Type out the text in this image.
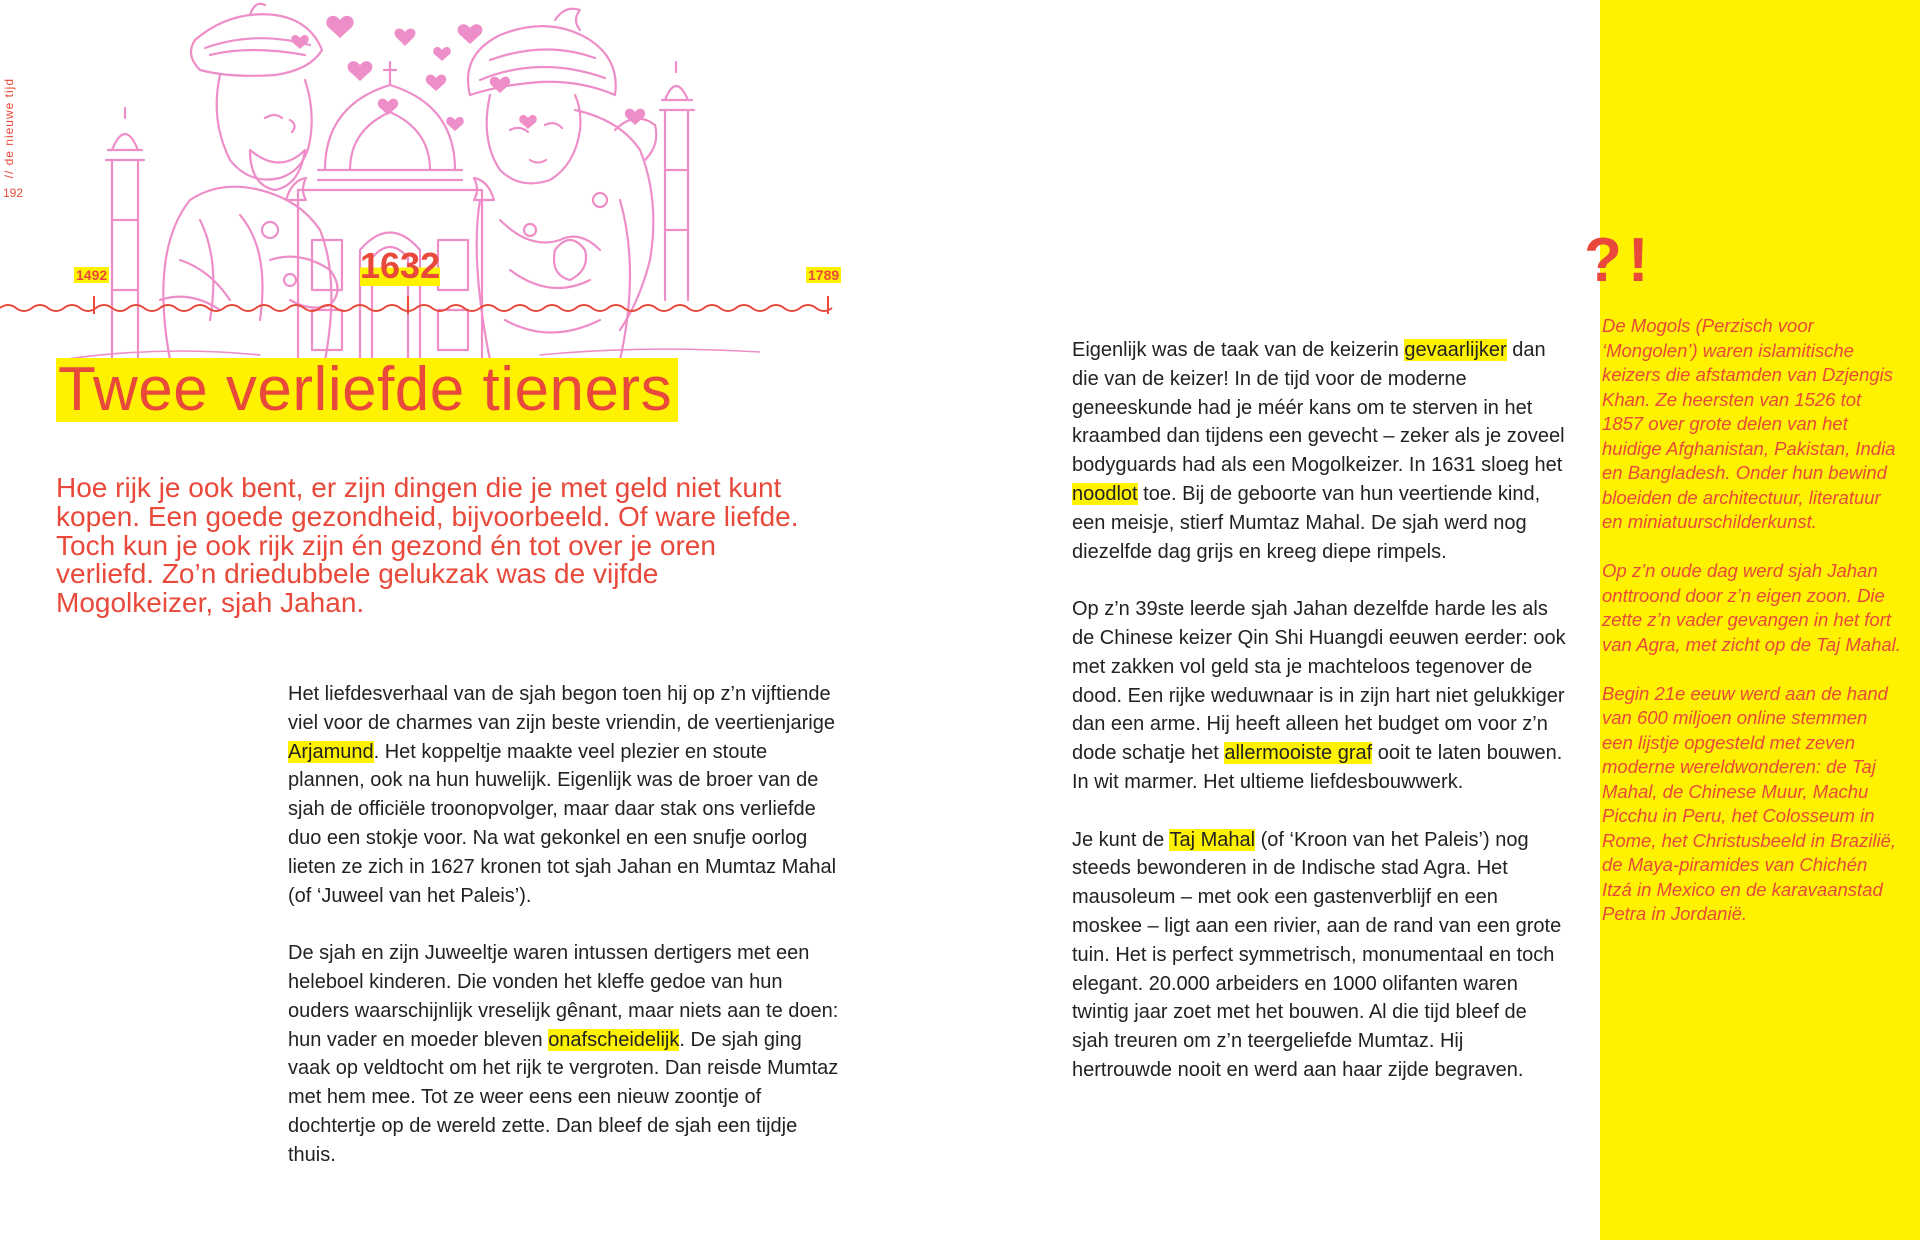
// de nieuwe tijd
192
1492	1632	1789
Twee verliefde tieners

Hoe rijk je ook bent, er zijn dingen die je met geld niet kunt kopen. Een goede gezondheid, bijvoorbeeld. Of ware liefde. Toch kun je ook rijk zijn én gezond én tot over je oren verliefd. Zo’n driedubbele gelukzak was de vijfde Mogolkeizer, sjah Jahan.

Het liefdesverhaal van de sjah begon toen hij op z’n vijftiende viel voor de charmes van zijn beste vriendin, de veertienjarige Arjamund. Het koppeltje maakte veel plezier en stoute plannen, ook na hun huwelijk. Eigenlijk was de broer van de sjah de officiële troonopvolger, maar daar stak ons verliefde duo een stokje voor. Na wat gekonkel en een snufje oorlog lieten ze zich in 1627 kronen tot sjah Jahan en Mumtaz Mahal (of ‘Juweel van het Paleis’).

De sjah en zijn Juweeltje waren intussen dertigers met een heleboel kinderen. Die vonden het kleffe gedoe van hun ouders waarschijnlijk vreselijk gênant, maar niets aan te doen: hun vader en moeder bleven onafscheidelijk. De sjah ging vaak op veldtocht om het rijk te vergroten. Dan reisde Mumtaz met hem mee. Tot ze weer eens een nieuw zoontje of dochtertje op de wereld zette. Dan bleef de sjah een tijdje thuis.

Eigenlijk was de taak van de keizerin gevaarlijker dan die van de keizer! In de tijd voor de moderne geneeskunde had je méér kans om te sterven in het kraambed dan tijdens een gevecht – zeker als je zoveel bodyguards had als een Mogolkeizer. In 1631 sloeg het noodlot toe. Bij de geboorte van hun veertiende kind, een meisje, stierf Mumtaz Mahal. De sjah werd nog diezelfde dag grijs en kreeg diepe rimpels.

Op z’n 39ste leerde sjah Jahan dezelfde harde les als de Chinese keizer Qin Shi Huangdi eeuwen eerder: ook met zakken vol geld sta je machteloos tegenover de dood. Een rijke weduwnaar is in zijn hart niet gelukkiger dan een arme. Hij heeft alleen het budget om voor z’n dode schatje het allermooiste graf ooit te laten bouwen. In wit marmer. Het ultieme liefdesbouwwerk.

Je kunt de Taj Mahal (of ‘Kroon van het Paleis’) nog steeds bewonderen in de Indische stad Agra. Het mausoleum – met ook een gastenverblijf en een moskee – ligt aan een rivier, aan de rand van een grote tuin. Het is perfect symmetrisch, monumentaal en toch elegant. 20.000 arbeiders en 1000 olifanten waren twintig jaar zoet met het bouwen. Al die tijd bleef de sjah treuren om z’n teergeliefde Mumtaz. Hij hertrouwde nooit en werd aan haar zijde begraven.

?!

De Mogols (Perzisch voor ‘Mongolen’) waren islamitische keizers die afstamden van Dzjengis Khan. Ze heersten van 1526 tot 1857 over grote delen van het huidige Afghanistan, Pakistan, India en Bangladesh. Onder hun bewind bloeiden de architectuur, literatuur en miniatuurschilderkunst.

Op z’n oude dag werd sjah Jahan onttroond door z’n eigen zoon. Die zette z’n vader gevangen in het fort van Agra, met zicht op de Taj Mahal.

Begin 21e eeuw werd aan de hand van 600 miljoen online stemmen een lijstje opgesteld met zeven moderne wereldwonderen: de Taj Mahal, de Chinese Muur, Machu Picchu in Peru, het Colosseum in Rome, het Christusbeeld in Brazilië, de Maya-piramides van Chichén Itzá in Mexico en de karavaanstad Petra in Jordanië.
